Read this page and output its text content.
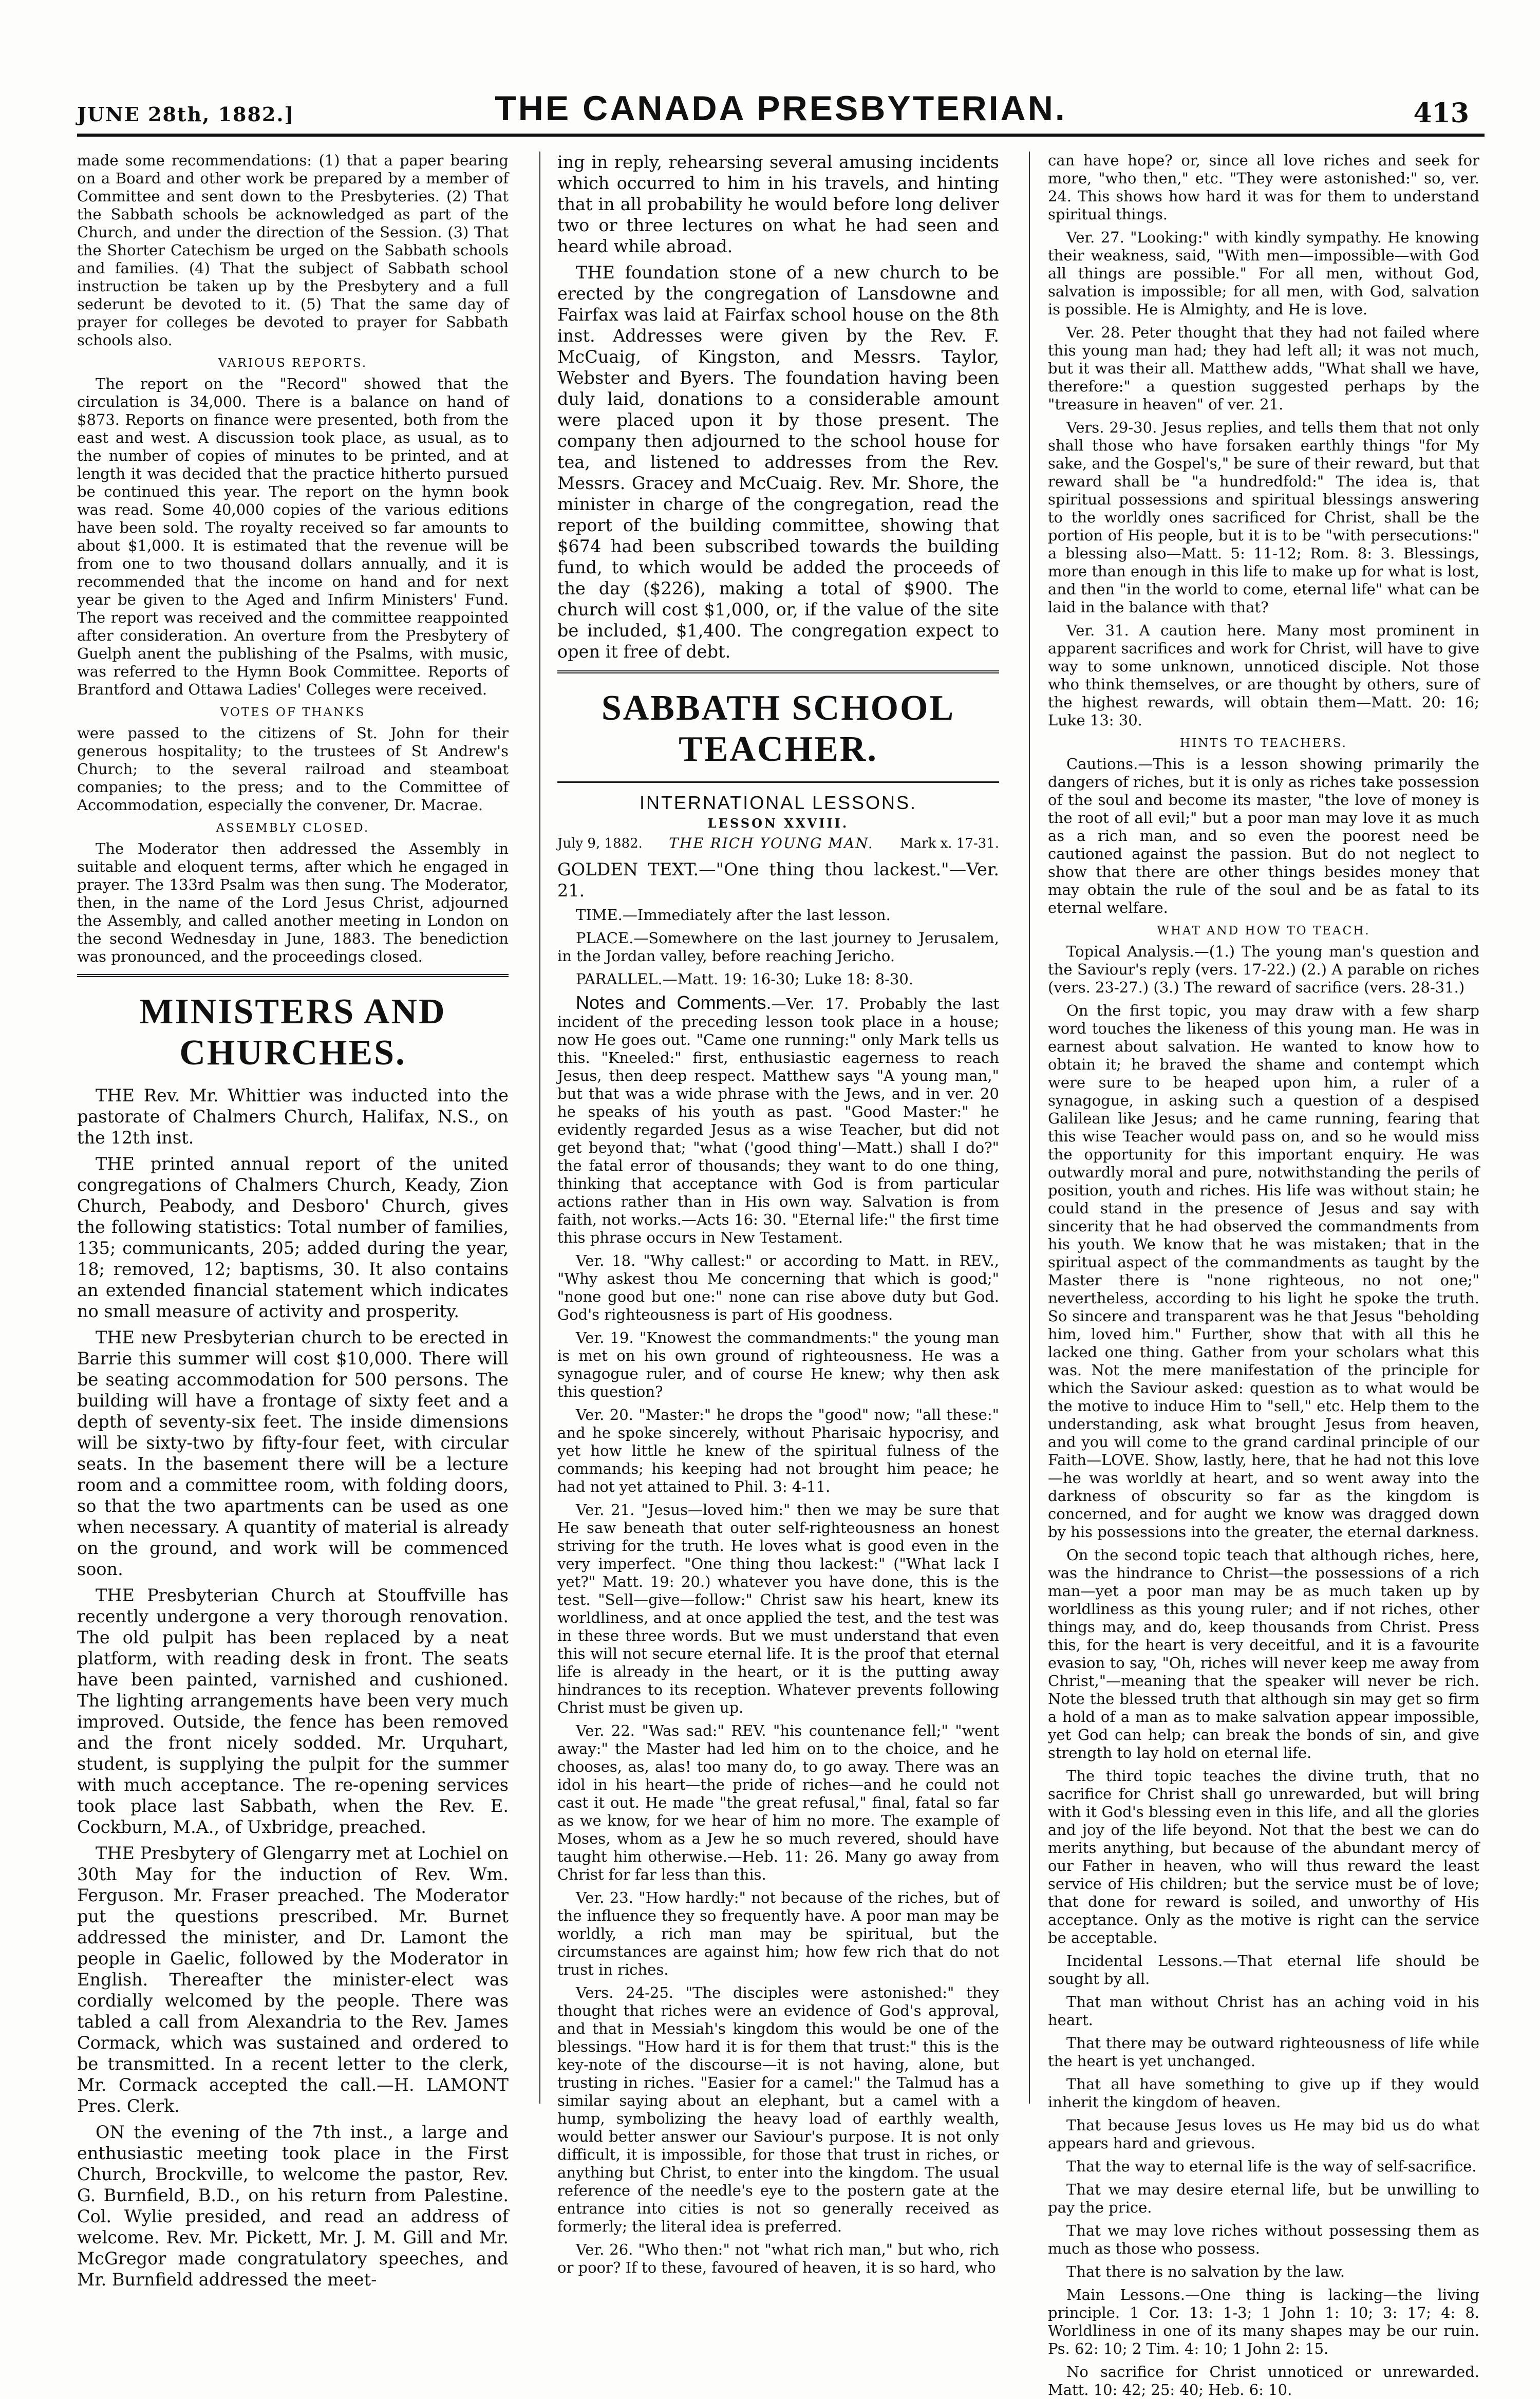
JUNE 28th, 1882.]	THE CANADA PRESBYTERIAN.	413

made some recommendations: (1) that a paper bearing on a Board and other work be prepared by a member of Committee and sent down to the Presbyteries. (2) That the Sabbath schools be acknowledged as part of the Church, and under the direction of the Session. (3) That the Shorter Catechism be urged on the Sabbath schools and families. (4) That the subject of Sabbath school instruction be taken up by the Presbytery and a full sederunt be devoted to it. (5) That the same day of prayer for colleges be devoted to prayer for Sabbath schools also.

VARIOUS REPORTS.

The report on the "Record" showed that the circulation is 34,000. There is a balance on hand of $873. Reports on finance were presented, both from the east and west. A discussion took place, as usual, as to the number of copies of minutes to be printed, and at length it was decided that the practice hitherto pursued be continued this year. The report on the hymn book was read. Some 40,000 copies of the various editions have been sold. The royalty received so far amounts to about $1,000. It is estimated that the revenue will be from one to two thousand dollars annually, and it is recommended that the income on hand and for next year be given to the Aged and Infirm Ministers' Fund. The report was received and the committee reappointed after consideration. An overture from the Presbytery of Guelph anent the publishing of the Psalms, with music, was referred to the Hymn Book Committee. Reports of Brantford and Ottawa Ladies' Colleges were received.

VOTES OF THANKS

were passed to the citizens of St. John for their generous hospitality; to the trustees of St Andrew's Church; to the several railroad and steamboat companies; to the press; and to the Committee of Accommodation, especially the convener, Dr. Macrae.

ASSEMBLY CLOSED.

The Moderator then addressed the Assembly in suitable and eloquent terms, after which he engaged in prayer. The 133rd Psalm was then sung. The Moderator, then, in the name of the Lord Jesus Christ, adjourned the Assembly, and called another meeting in London on the second Wednesday in June, 1883. The benediction was pronounced, and the proceedings closed.

MINISTERS AND CHURCHES.

THE Rev. Mr. Whittier was inducted into the pastorate of Chalmers Church, Halifax, N.S., on the 12th inst.

THE printed annual report of the united congregations of Chalmers Church, Keady, Zion Church, Peabody, and Desboro' Church, gives the following statistics: Total number of families, 135; communicants, 205; added during the year, 18; removed, 12; baptisms, 30. It also contains an extended financial statement which indicates no small measure of activity and prosperity.

THE new Presbyterian church to be erected in Barrie this summer will cost $10,000. There will be seating accommodation for 500 persons. The building will have a frontage of sixty feet and a depth of seventy-six feet. The inside dimensions will be sixty-two by fifty-four feet, with circular seats. In the basement there will be a lecture room and a committee room, with folding doors, so that the two apartments can be used as one when necessary. A quantity of material is already on the ground, and work will be commenced soon.

THE Presbyterian Church at Stouffville has recently undergone a very thorough renovation. The old pulpit has been replaced by a neat platform, with reading desk in front. The seats have been painted, varnished and cushioned. The lighting arrangements have been very much improved. Outside, the fence has been removed and the front nicely sodded. Mr. Urquhart, student, is supplying the pulpit for the summer with much acceptance. The re-opening services took place last Sabbath, when the Rev. E. Cockburn, M.A., of Uxbridge, preached.

THE Presbytery of Glengarry met at Lochiel on 30th May for the induction of Rev. Wm. Ferguson. Mr. Fraser preached. The Moderator put the questions prescribed. Mr. Burnet addressed the minister, and Dr. Lamont the people in Gaelic, followed by the Moderator in English. Thereafter the minister-elect was cordially welcomed by the people. There was tabled a call from Alexandria to the Rev. James Cormack, which was sustained and ordered to be transmitted. In a recent letter to the clerk, Mr. Cormack accepted the call.—H. LAMONT Pres. Clerk.

ON the evening of the 7th inst., a large and enthusiastic meeting took place in the First Church, Brockville, to welcome the pastor, Rev. G. Burnfield, B.D., on his return from Palestine. Col. Wylie presided, and read an address of welcome. Rev. Mr. Pickett, Mr. J. M. Gill and Mr. McGregor made congratulatory speeches, and Mr. Burnfield addressed the meet-

ing in reply, rehearsing several amusing incidents which occurred to him in his travels, and hinting that in all probability he would before long deliver two or three lectures on what he had seen and heard while abroad.

THE foundation stone of a new church to be erected by the congregation of Lansdowne and Fairfax was laid at Fairfax school house on the 8th inst. Addresses were given by the Rev. F. McCuaig, of Kingston, and Messrs. Taylor, Webster and Byers. The foundation having been duly laid, donations to a considerable amount were placed upon it by those present. The company then adjourned to the school house for tea, and listened to addresses from the Rev. Messrs. Gracey and McCuaig. Rev. Mr. Shore, the minister in charge of the congregation, read the report of the building committee, showing that $674 had been subscribed towards the building fund, to which would be added the proceeds of the day ($226), making a total of $900. The church will cost $1,000, or, if the value of the site be included, $1,400. The congregation expect to open it free of debt.

SABBATH SCHOOL TEACHER.
INTERNATIONAL LESSONS.
LESSON XXVIII.
July 9, 1882. THE RICH YOUNG MAN. Mark x. 17-31.

GOLDEN TEXT.—"One thing thou lackest."—Ver. 21.

TIME.—Immediately after the last lesson.

PLACE.—Somewhere on the last journey to Jerusalem, in the Jordan valley, before reaching Jericho.

PARALLEL.—Matt. 19: 16-30; Luke 18: 8-30.

Notes and Comments.—Ver. 17. Probably the last incident of the preceding lesson took place in a house; now He goes out. "Came one running:" only Mark tells us this. "Kneeled:" first, enthusiastic eagerness to reach Jesus, then deep respect. Matthew says "A young man," but that was a wide phrase with the Jews, and in ver. 20 he speaks of his youth as past. "Good Master:" he evidently regarded Jesus as a wise Teacher, but did not get beyond that; "what ('good thing'—Matt.) shall I do?" the fatal error of thousands; they want to do one thing, thinking that acceptance with God is from particular actions rather than in His own way. Salvation is from faith, not works.—Acts 16: 30. "Eternal life:" the first time this phrase occurs in New Testament.

Ver. 18. "Why callest:" or according to Matt. in REV., "Why askest thou Me concerning that which is good;" "none good but one:" none can rise above duty but God. God's righteousness is part of His goodness.

Ver. 19. "Knowest the commandments:" the young man is met on his own ground of righteousness. He was a synagogue ruler, and of course He knew; why then ask this question?

Ver. 20. "Master:" he drops the "good" now; "all these:" and he spoke sincerely, without Pharisaic hypocrisy, and yet how little he knew of the spiritual fulness of the commands; his keeping had not brought him peace; he had not yet attained to Phil. 3: 4-11.

Ver. 21. "Jesus—loved him:" then we may be sure that He saw beneath that outer self-righteousness an honest striving for the truth. He loves what is good even in the very imperfect. "One thing thou lackest:" ("What lack I yet?" Matt. 19: 20.) whatever you have done, this is the test. "Sell—give—follow:" Christ saw his heart, knew its worldliness, and at once applied the test, and the test was in these three words. But we must understand that even this will not secure eternal life. It is the proof that eternal life is already in the heart, or it is the putting away hindrances to its reception. Whatever prevents following Christ must be given up.

Ver. 22. "Was sad:" REV. "his countenance fell;" "went away:" the Master had led him on to the choice, and he chooses, as, alas! too many do, to go away. There was an idol in his heart—the pride of riches—and he could not cast it out. He made "the great refusal," final, fatal so far as we know, for we hear of him no more. The example of Moses, whom as a Jew he so much revered, should have taught him otherwise.—Heb. 11: 26. Many go away from Christ for far less than this.

Ver. 23. "How hardly:" not because of the riches, but of the influence they so frequently have. A poor man may be worldly, a rich man may be spiritual, but the circumstances are against him; how few rich that do not trust in riches.

Vers. 24-25. "The disciples were astonished:" they thought that riches were an evidence of God's approval, and that in Messiah's kingdom this would be one of the blessings. "How hard it is for them that trust:" this is the key-note of the discourse—it is not having, alone, but trusting in riches. "Easier for a camel:" the Talmud has a similar saying about an elephant, but a camel with a hump, symbolizing the heavy load of earthly wealth, would better answer our Saviour's purpose. It is not only difficult, it is impossible, for those that trust in riches, or anything but Christ, to enter into the kingdom. The usual reference of the needle's eye to the postern gate at the entrance into cities is not so generally received as formerly; the literal idea is preferred.

Ver. 26. "Who then:" not "what rich man," but who, rich or poor? If to these, favoured of heaven, it is so hard, who

can have hope? or, since all love riches and seek for more, "who then," etc. "They were astonished:" so, ver. 24. This shows how hard it was for them to understand spiritual things.

Ver. 27. "Looking:" with kindly sympathy. He knowing their weakness, said, "With men—impossible—with God all things are possible." For all men, without God, salvation is impossible; for all men, with God, salvation is possible. He is Almighty, and He is love.

Ver. 28. Peter thought that they had not failed where this young man had; they had left all; it was not much, but it was their all. Matthew adds, "What shall we have, therefore:" a question suggested perhaps by the "treasure in heaven" of ver. 21.

Vers. 29-30. Jesus replies, and tells them that not only shall those who have forsaken earthly things "for My sake, and the Gospel's," be sure of their reward, but that reward shall be "a hundredfold:" The idea is, that spiritual possessions and spiritual blessings answering to the worldly ones sacrificed for Christ, shall be the portion of His people, but it is to be "with persecutions:" a blessing also—Matt. 5: 11-12; Rom. 8: 3. Blessings, more than enough in this life to make up for what is lost, and then "in the world to come, eternal life" what can be laid in the balance with that?

Ver. 31. A caution here. Many most prominent in apparent sacrifices and work for Christ, will have to give way to some unknown, unnoticed disciple. Not those who think themselves, or are thought by others, sure of the highest rewards, will obtain them—Matt. 20: 16; Luke 13: 30.

HINTS TO TEACHERS.

Cautions.—This is a lesson showing primarily the dangers of riches, but it is only as riches take possession of the soul and become its master, "the love of money is the root of all evil;" but a poor man may love it as much as a rich man, and so even the poorest need be cautioned against the passion. But do not neglect to show that there are other things besides money that may obtain the rule of the soul and be as fatal to its eternal welfare.

WHAT AND HOW TO TEACH.

Topical Analysis.—(1.) The young man's question and the Saviour's reply (vers. 17-22.) (2.) A parable on riches (vers. 23-27.) (3.) The reward of sacrifice (vers. 28-31.)

On the first topic, you may draw with a few sharp word touches the likeness of this young man. He was in earnest about salvation. He wanted to know how to obtain it; he braved the shame and contempt which were sure to be heaped upon him, a ruler of a synagogue, in asking such a question of a despised Galilean like Jesus; and he came running, fearing that this wise Teacher would pass on, and so he would miss the opportunity for this important enquiry. He was outwardly moral and pure, notwithstanding the perils of position, youth and riches. His life was without stain; he could stand in the presence of Jesus and say with sincerity that he had observed the commandments from his youth. We know that he was mistaken; that in the spiritual aspect of the commandments as taught by the Master there is "none righteous, no not one;" nevertheless, according to his light he spoke the truth. So sincere and transparent was he that Jesus "beholding him, loved him." Further, show that with all this he lacked one thing. Gather from your scholars what this was. Not the mere manifestation of the principle for which the Saviour asked: question as to what would be the motive to induce Him to "sell," etc. Help them to the understanding, ask what brought Jesus from heaven, and you will come to the grand cardinal principle of our Faith—LOVE. Show, lastly, here, that he had not this love—he was worldly at heart, and so went away into the darkness of obscurity so far as the kingdom is concerned, and for aught we know was dragged down by his possessions into the greater, the eternal darkness.

On the second topic teach that although riches, here, was the hindrance to Christ—the possessions of a rich man—yet a poor man may be as much taken up by worldliness as this young ruler; and if not riches, other things may, and do, keep thousands from Christ. Press this, for the heart is very deceitful, and it is a favourite evasion to say, "Oh, riches will never keep me away from Christ,"—meaning that the speaker will never be rich. Note the blessed truth that although sin may get so firm a hold of a man as to make salvation appear impossible, yet God can help; can break the bonds of sin, and give strength to lay hold on eternal life.

The third topic teaches the divine truth, that no sacrifice for Christ shall go unrewarded, but will bring with it God's blessing even in this life, and all the glories and joy of the life beyond. Not that the best we can do merits anything, but because of the abundant mercy of our Father in heaven, who will thus reward the least service of His children; but the service must be of love; that done for reward is soiled, and unworthy of His acceptance. Only as the motive is right can the service be acceptable.

Incidental Lessons.—That eternal life should be sought by all.

That man without Christ has an aching void in his heart.

That there may be outward righteousness of life while the heart is yet unchanged.

That all have something to give up if they would inherit the kingdom of heaven.

That because Jesus loves us He may bid us do what appears hard and grievous.

That the way to eternal life is the way of self-sacrifice.

That we may desire eternal life, but be unwilling to pay the price.

That we may love riches without possessing them as much as those who possess.

That there is no salvation by the law.

Main Lessons.—One thing is lacking—the living principle. 1 Cor. 13: 1-3; 1 John 1: 10; 3: 17; 4: 8. Worldliness in one of its many shapes may be our ruin. Ps. 62: 10; 2 Tim. 4: 10; 1 John 2: 15.

No sacrifice for Christ unnoticed or unrewarded. Matt. 10: 42; 25: 40; Heb. 6: 10.
